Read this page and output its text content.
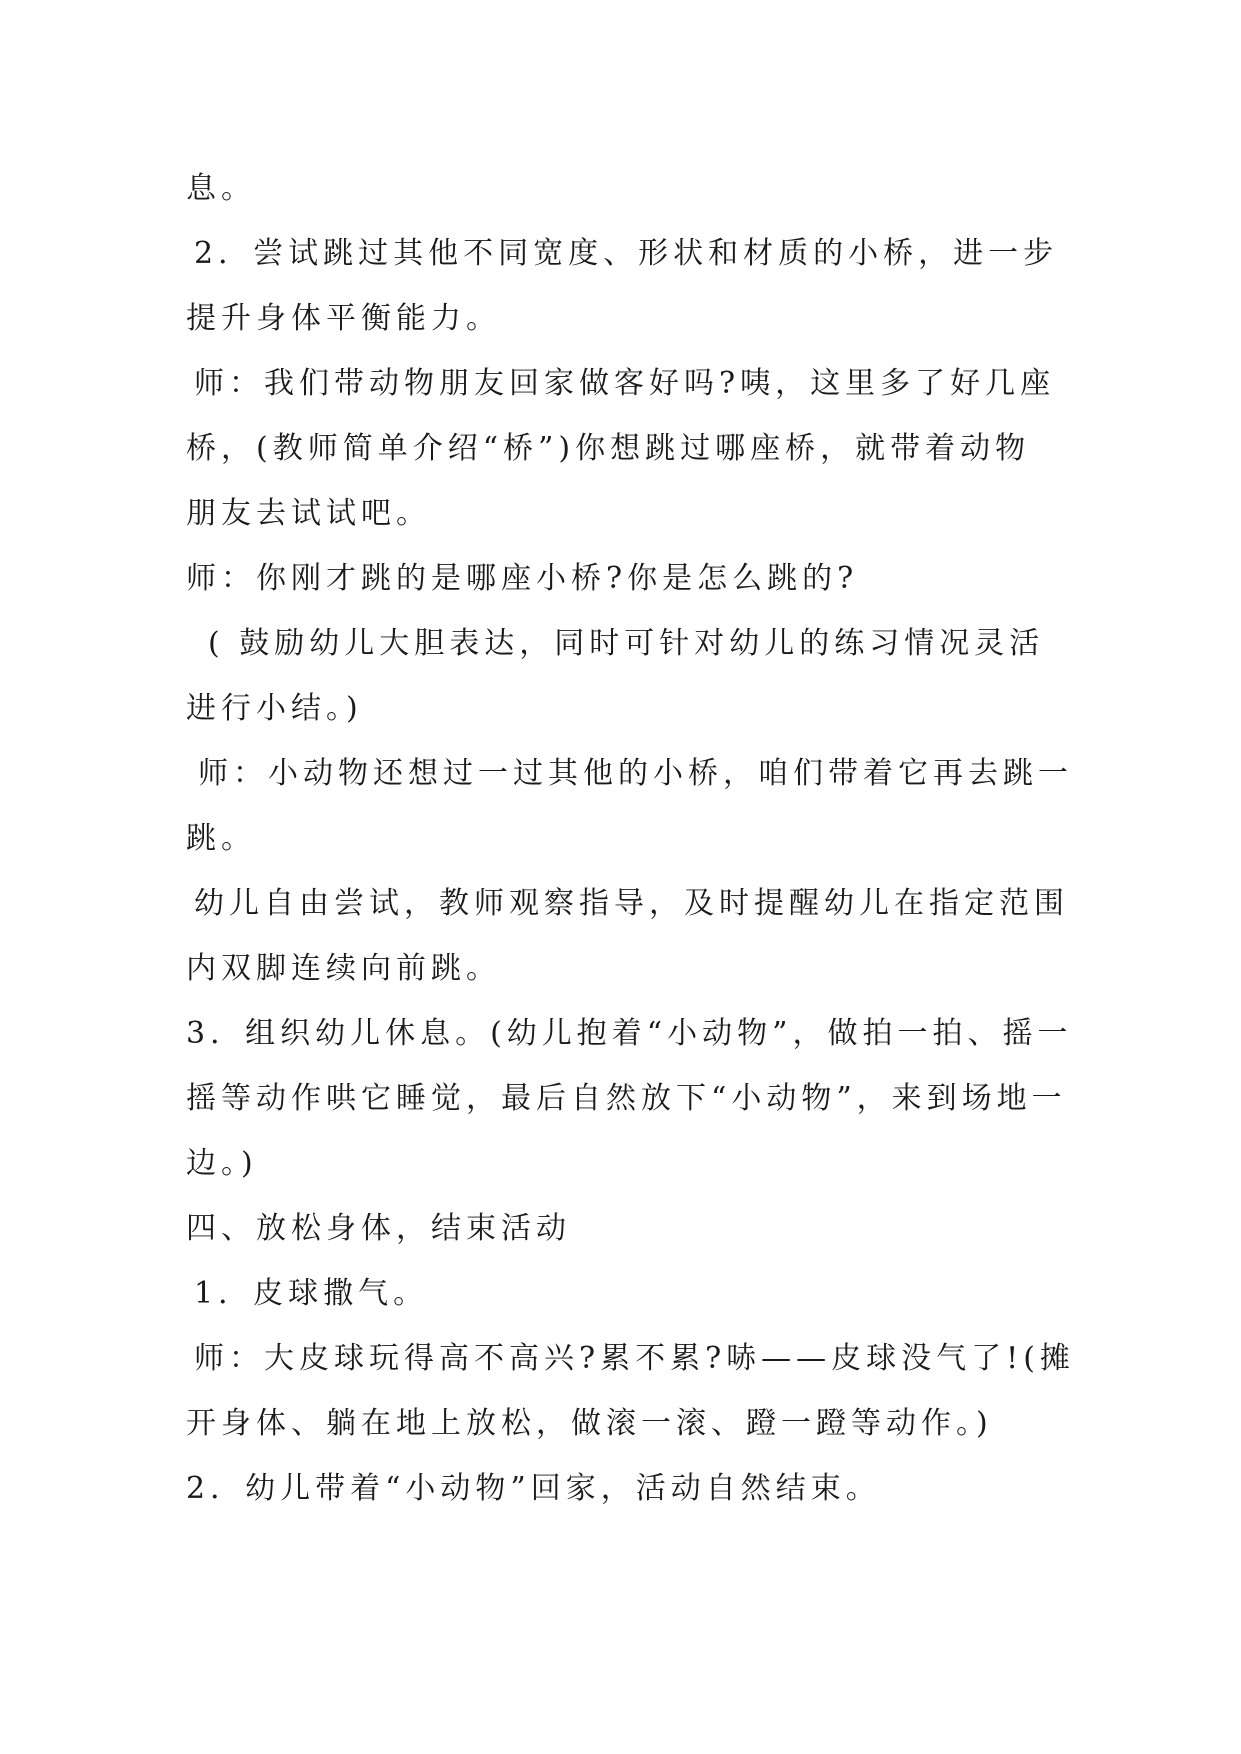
息。
2．尝试跳过其他不同宽度、形状和材质的小桥，进一步
提升身体平衡能力。
师：我们带动物朋友回家做客好吗?咦，这里多了好几座
桥，(教师简单介绍“桥”)你想跳过哪座桥，就带着动物
朋友去试试吧。
师：你刚才跳的是哪座小桥?你是怎么跳的?
( 鼓励幼儿大胆表达，同时可针对幼儿的练习情况灵活
进行小结。)
师：小动物还想过一过其他的小桥，咱们带着它再去跳一
跳。
幼儿自由尝试，教师观察指导，及时提醒幼儿在指定范围
内双脚连续向前跳。
3．组织幼儿休息。(幼儿抱着“小动物”，做拍一拍、摇一
摇等动作哄它睡觉，最后自然放下“小动物”，来到场地一
边。)
四、放松身体，结束活动
1．皮球撒气。
师：大皮球玩得高不高兴?累不累?哧——皮球没气了!(摊
开身体、躺在地上放松，做滚一滚、蹬一蹬等动作。)
2．幼儿带着“小动物”回家，活动自然结束。
